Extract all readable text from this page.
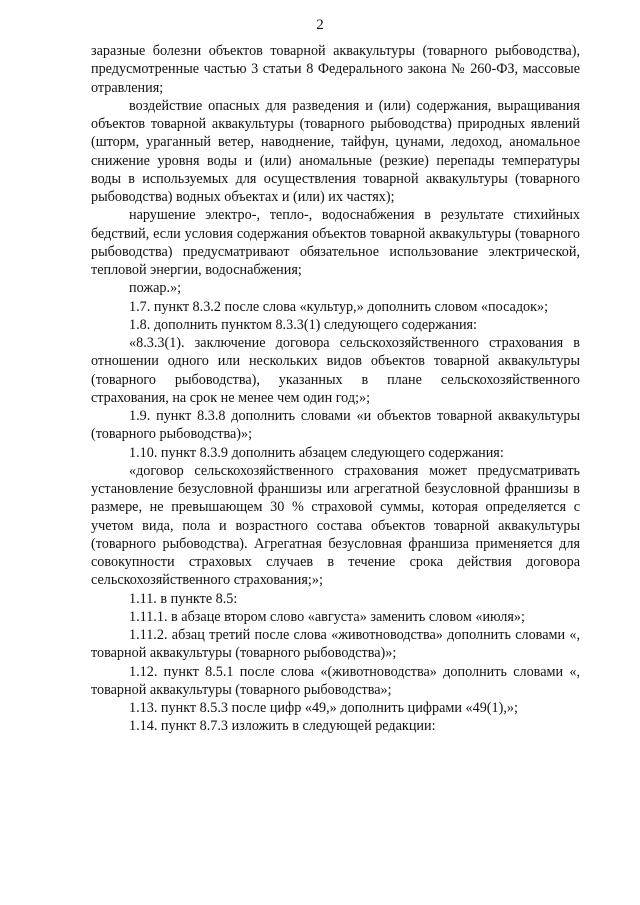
2

заразные болезни объектов товарной аквакультуры (товарного рыбоводства), предусмотренные частью 3 статьи 8 Федерального закона № 260-ФЗ, массовые отравления;

воздействие опасных для разведения и (или) содержания, выращивания объектов товарной аквакультуры (товарного рыбоводства) природных явлений (шторм, ураганный ветер, наводнение, тайфун, цунами, ледоход, аномальное снижение уровня воды и (или) аномальные (резкие) перепады температуры воды в используемых для осуществления товарной аквакультуры (товарного рыбоводства) водных объектах и (или) их частях);

нарушение электро-, тепло-, водоснабжения в результате стихийных бедствий, если условия содержания объектов товарной аквакультуры (товарного рыбоводства) предусматривают обязательное использование электрической, тепловой энергии, водоснабжения;

пожар.»;

1.7. пункт 8.3.2 после слова «культур,» дополнить словом «посадок»;

1.8. дополнить пунктом 8.3.3(1) следующего содержания:

«8.3.3(1). заключение договора сельскохозяйственного страхования в отношении одного или нескольких видов объектов товарной аквакультуры (товарного рыбоводства), указанных в плане сельскохозяйственного страхования, на срок не менее чем один год;»;

1.9. пункт 8.3.8 дополнить словами «и объектов товарной аквакультуры (товарного рыбоводства)»;

1.10. пункт 8.3.9 дополнить абзацем следующего содержания:

«договор сельскохозяйственного страхования может предусматривать установление безусловной франшизы или агрегатной безусловной франшизы в размере, не превышающем 30 % страховой суммы, которая определяется с учетом вида, пола и возрастного состава объектов товарной аквакультуры (товарного рыбоводства). Агрегатная безусловная франшиза применяется для совокупности страховых случаев в течение срока действия договора сельскохозяйственного страхования;»;

1.11. в пункте 8.5:

1.11.1. в абзаце втором слово «августа» заменить словом «июля»;

1.11.2. абзац третий после слова «животноводства» дополнить словами «, товарной аквакультуры (товарного рыбоводства)»;

1.12. пункт 8.5.1 после слова «(животноводства» дополнить словами «, товарной аквакультуры (товарного рыбоводства»;

1.13. пункт 8.5.3 после цифр «49,» дополнить цифрами «49(1),»;

1.14. пункт 8.7.3 изложить в следующей редакции:
